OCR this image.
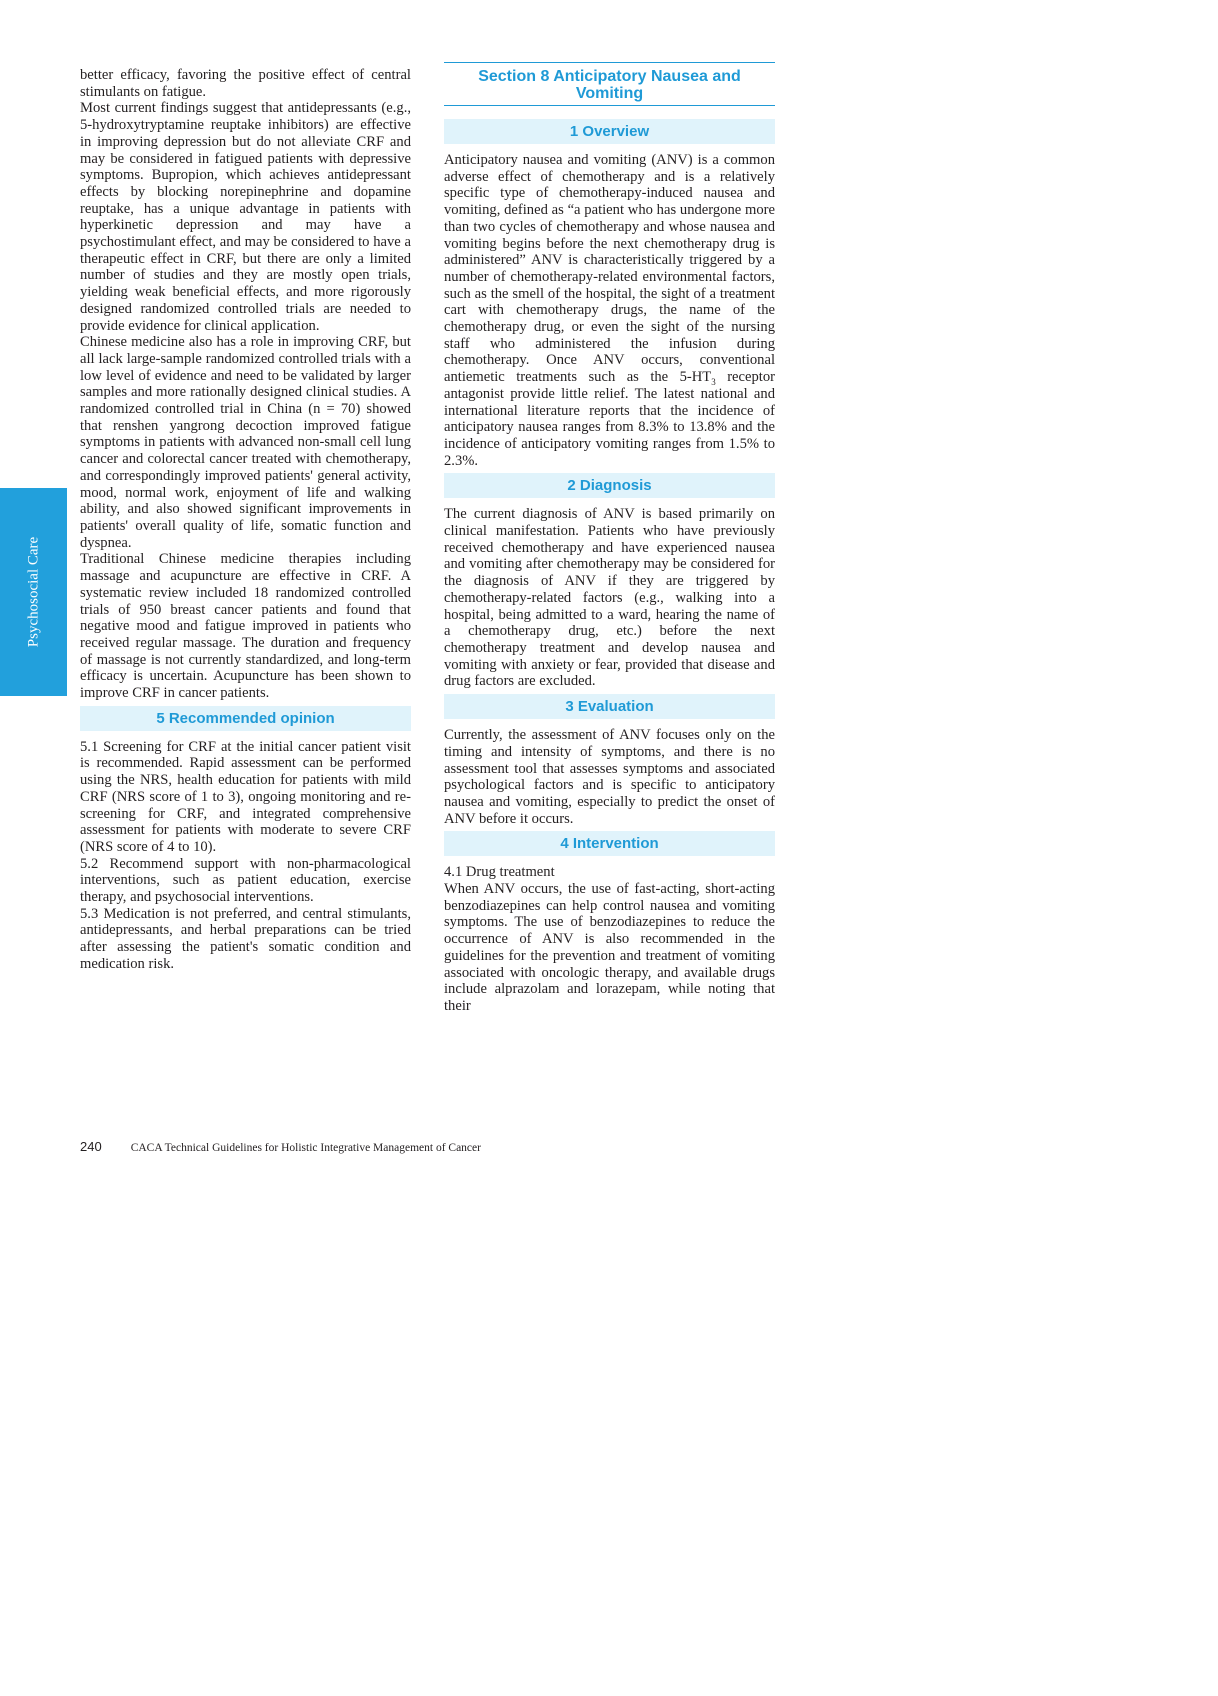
Psychosocial Care

better efficacy, favoring the positive effect of central stimulants on fatigue.

Most current findings suggest that antidepressants (e.g., 5-hydroxytryptamine reuptake inhibitors) are effective in improving depression but do not alleviate CRF and may be considered in fatigued patients with depressive symptoms. Bupropion, which achieves antidepressant effects by blocking norepinephrine and dopamine reuptake, has a unique advantage in patients with hyperkinetic depression and may have a psychostimulant effect, and may be considered to have a therapeutic effect in CRF, but there are only a limited number of studies and they are mostly open trials, yielding weak beneficial effects, and more rigorously designed randomized controlled trials are needed to provide evidence for clinical application.

Chinese medicine also has a role in improving CRF, but all lack large-sample randomized controlled trials with a low level of evidence and need to be validated by larger samples and more rationally designed clinical studies. A randomized controlled trial in China (n = 70) showed that renshen yangrong decoction improved fatigue symptoms in patients with advanced non-small cell lung cancer and colorectal cancer treated with chemotherapy, and correspondingly improved patients' general activity, mood, normal work, enjoyment of life and walking ability, and also showed significant improvements in patients' overall quality of life, somatic function and dyspnea.

Traditional Chinese medicine therapies including massage and acupuncture are effective in CRF. A systematic review included 18 randomized controlled trials of 950 breast cancer patients and found that negative mood and fatigue improved in patients who received regular massage. The duration and frequency of massage is not currently standardized, and long-term efficacy is uncertain. Acupuncture has been shown to improve CRF in cancer patients.

5 Recommended opinion

5.1 Screening for CRF at the initial cancer patient visit is recommended. Rapid assessment can be performed using the NRS, health education for patients with mild CRF (NRS score of 1 to 3), ongoing monitoring and re-screening for CRF, and integrated comprehensive assessment for patients with moderate to severe CRF (NRS score of 4 to 10).

5.2 Recommend support with non-pharmacological interventions, such as patient education, exercise therapy, and psychosocial interventions.

5.3 Medication is not preferred, and central stimulants, antidepressants, and herbal preparations can be tried after assessing the patient's somatic condition and medication risk.

Section 8 Anticipatory Nausea and Vomiting
1 Overview

Anticipatory nausea and vomiting (ANV) is a common adverse effect of chemotherapy and is a relatively specific type of chemotherapy-induced nausea and vomiting, defined as “a patient who has undergone more than two cycles of chemotherapy and whose nausea and vomiting begins before the next chemotherapy drug is administered” ANV is characteristically triggered by a number of chemotherapy-related environmental factors, such as the smell of the hospital, the sight of a treatment cart with chemotherapy drugs, the name of the chemotherapy drug, or even the sight of the nursing staff who administered the infusion during chemotherapy. Once ANV occurs, conventional antiemetic treatments such as the $5-HT_3$ receptor antagonist provide little relief. The latest national and international literature reports that the incidence of anticipatory nausea ranges from 8.3% to 13.8% and the incidence of anticipatory vomiting ranges from 1.5% to 2.3%.

2 Diagnosis

The current diagnosis of ANV is based primarily on clinical manifestation. Patients who have previously received chemotherapy and have experienced nausea and vomiting after chemotherapy may be considered for the diagnosis of ANV if they are triggered by chemotherapy-related factors (e.g., walking into a hospital, being admitted to a ward, hearing the name of a chemotherapy drug, etc.) before the next chemotherapy treatment and develop nausea and vomiting with anxiety or fear, provided that disease and drug factors are excluded.

3 Evaluation

Currently, the assessment of ANV focuses only on the timing and intensity of symptoms, and there is no assessment tool that assesses symptoms and associated psychological factors and is specific to anticipatory nausea and vomiting, especially to predict the onset of ANV before it occurs.

4 Intervention

4.1 Drug treatment

When ANV occurs, the use of fast-acting, short-acting benzodiazepines can help control nausea and vomiting symptoms. The use of benzodiazepines to reduce the occurrence of ANV is also recommended in the guidelines for the prevention and treatment of vomiting associated with oncologic therapy, and available drugs include alprazolam and lorazepam, while noting that their

240	CACA Technical Guidelines for Holistic Integrative Management of Cancer
